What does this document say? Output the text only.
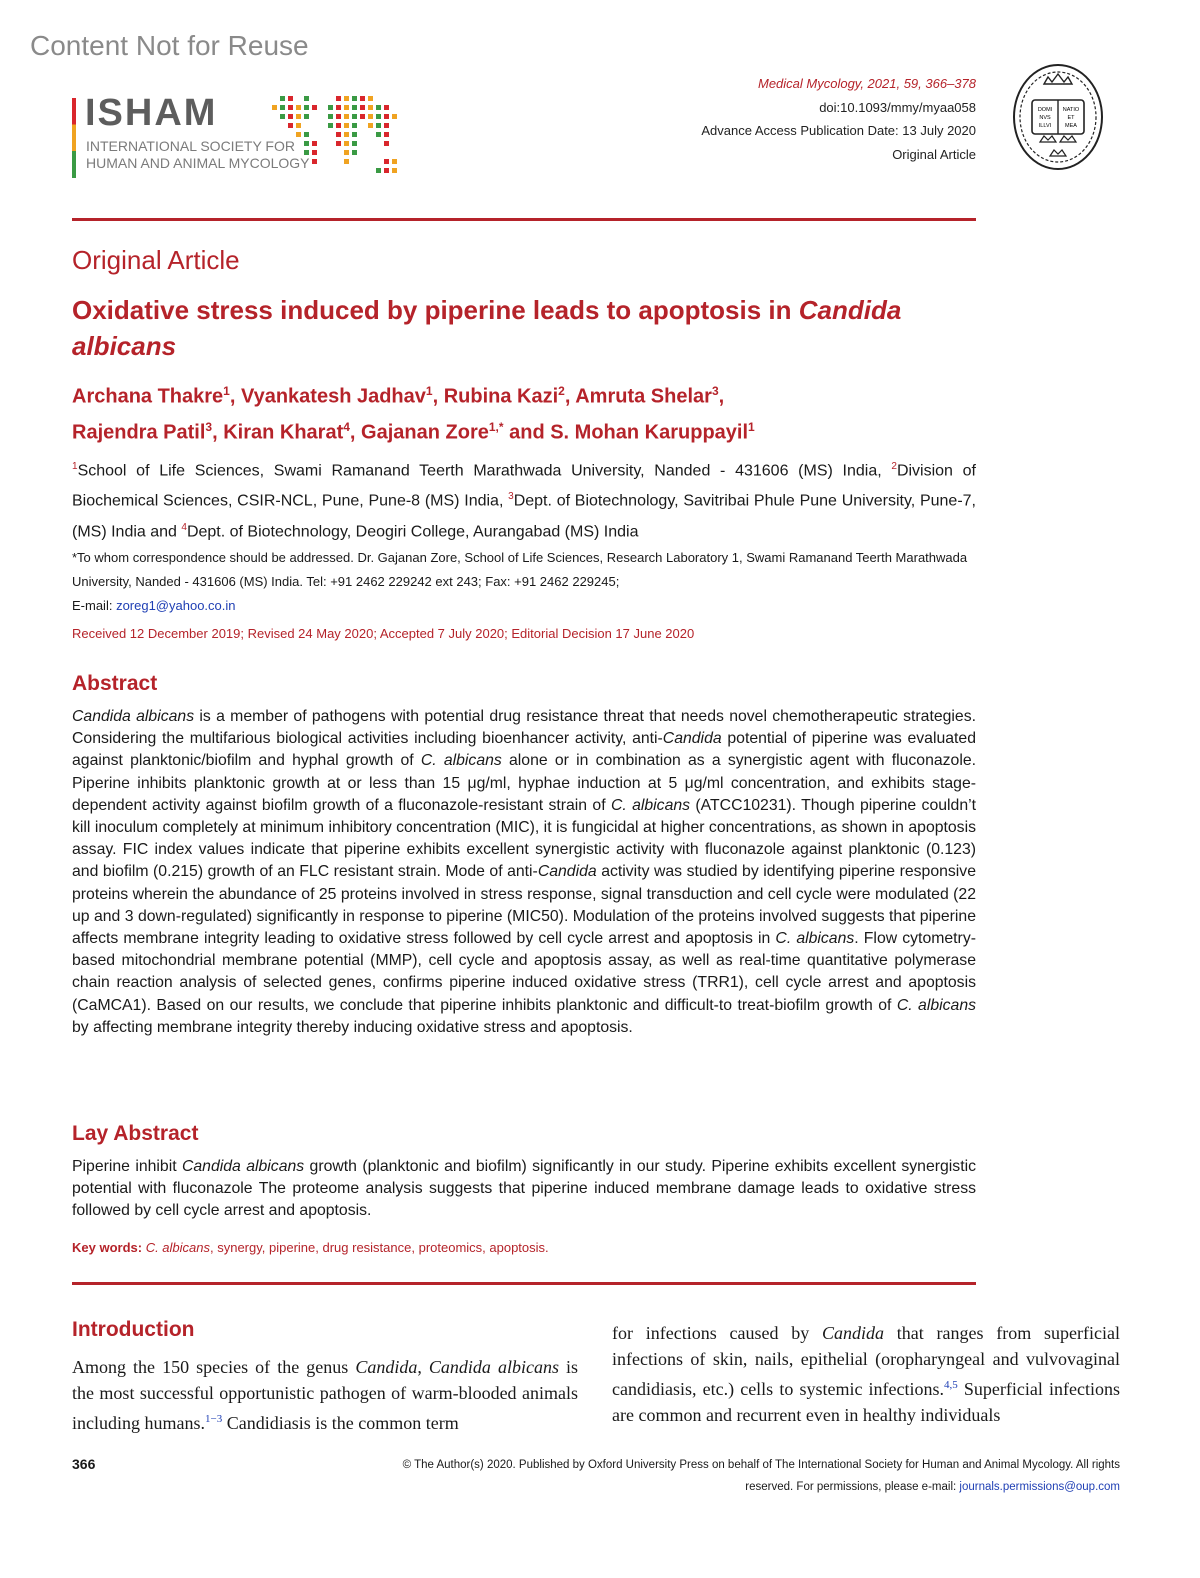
Content Not for Reuse
ISHAM
INTERNATIONAL SOCIETY FOR
HUMAN AND ANIMAL MYCOLOGY
Medical Mycology, 2021, 59, 366–378
doi:10.1093/mmy/myaa058
Advance Access Publication Date: 13 July 2020
Original Article
DOMI
NVS
ILLVI
NATIO
ET
MEA
Original Article
Oxidative stress induced by piperine leads to apoptosis in Candida albicans
Archana Thakre$^1$, Vyankatesh Jadhav$^1$, Rubina Kazi$^2$, Amruta Shelar$^3$,
Rajendra Patil$^3$, Kiran Kharat$^4$, Gajanan Zore$^{1,*}$ and S. Mohan Karuppayil$^1$
$^1$School of Life Sciences, Swami Ramanand Teerth Marathwada University, Nanded - 431606 (MS) India, $^2$Division of Biochemical Sciences, CSIR-NCL, Pune, Pune-8 (MS) India, $^3$Dept. of Biotechnology, Savitribai Phule Pune University, Pune-7, (MS) India and $^4$Dept. of Biotechnology, Deogiri College, Aurangabad (MS) India
*To whom correspondence should be addressed. Dr. Gajanan Zore, School of Life Sciences, Research Laboratory 1, Swami Ramanand Teerth Marathwada University, Nanded - 431606 (MS) India. Tel: +91 2462 229242 ext 243; Fax: +91 2462 229245;
E-mail: zoreg1@yahoo.co.in
Received 12 December 2019; Revised 24 May 2020; Accepted 7 July 2020; Editorial Decision 17 June 2020
Abstract
Candida albicans is a member of pathogens with potential drug resistance threat that needs novel chemotherapeutic strategies. Considering the multifarious biological activities including bioenhancer activity, anti-Candida potential of piperine was evaluated against planktonic/biofilm and hyphal growth of C. albicans alone or in combination as a synergistic agent with fluconazole. Piperine inhibits planktonic growth at or less than 15 μg/ml, hyphae induction at 5 μg/ml concentration, and exhibits stage-dependent activity against biofilm growth of a fluconazole-resistant strain of C. albicans (ATCC10231). Though piperine couldn’t kill inoculum completely at minimum inhibitory concentration (MIC), it is fungicidal at higher concentrations, as shown in apoptosis assay. FIC index values indicate that piperine exhibits excellent synergistic activity with fluconazole against planktonic (0.123) and biofilm (0.215) growth of an FLC resistant strain. Mode of anti-Candida activity was studied by identifying piperine responsive proteins wherein the abundance of 25 proteins involved in stress response, signal transduction and cell cycle were modulated (22 up and 3 down-regulated) significantly in response to piperine (MIC50). Modulation of the proteins involved suggests that piperine affects membrane integrity leading to oxidative stress followed by cell cycle arrest and apoptosis in C. albicans. Flow cytometry-based mitochondrial membrane potential (MMP), cell cycle and apoptosis assay, as well as real-time quantitative polymerase chain reaction analysis of selected genes, confirms piperine induced oxidative stress (TRR1), cell cycle arrest and apoptosis (CaMCA1). Based on our results, we conclude that piperine inhibits planktonic and difficult-to treat-biofilm growth of C. albicans by affecting membrane integrity thereby inducing oxidative stress and apoptosis.
Lay Abstract
Piperine inhibit Candida albicans growth (planktonic and biofilm) significantly in our study. Piperine exhibits excellent synergistic potential with fluconazole The proteome analysis suggests that piperine induced membrane damage leads to oxidative stress followed by cell cycle arrest and apoptosis.
Key words: C. albicans, synergy, piperine, drug resistance, proteomics, apoptosis.
Introduction
Among the 150 species of the genus Candida, Candida albicans is the most successful opportunistic pathogen of warm-blooded animals including humans.$^{1-3}$ Candidiasis is the common term
for infections caused by Candida that ranges from superficial infections of skin, nails, epithelial (oropharyngeal and vulvovaginal candidiasis, etc.) cells to systemic infections.$^{4,5}$ Superficial infections are common and recurrent even in healthy individuals
366	© The Author(s) 2020. Published by Oxford University Press on behalf of The International Society for Human and Animal Mycology. All rights reserved. For permissions, please e-mail: journals.permissions@oup.com
